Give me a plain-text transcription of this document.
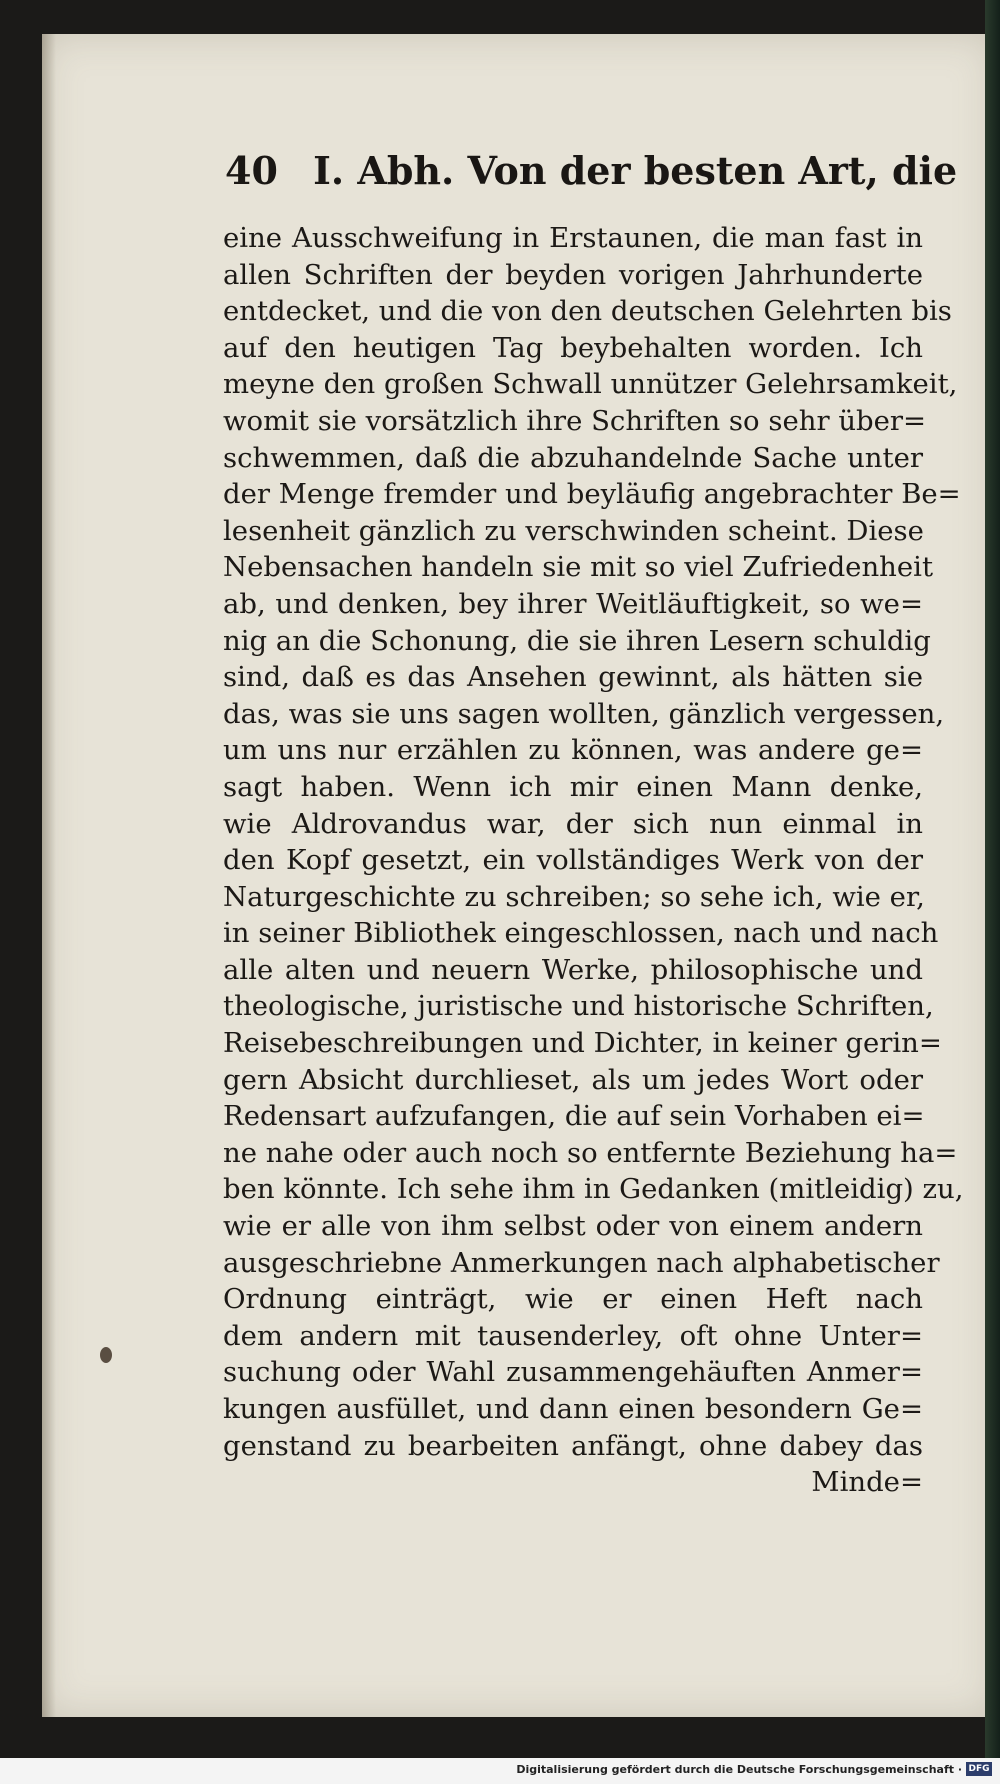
40 I. Abh. Von der besten Art, die
eine Ausschweifung in Erstaunen, die man fast in
allen Schriften der beyden vorigen Jahrhunderte
entdecket, und die von den deutschen Gelehrten bis
auf den heutigen Tag beybehalten worden. Ich
meyne den großen Schwall unnützer Gelehrsamkeit,
womit sie vorsätzlich ihre Schriften so sehr über=
schwemmen, daß die abzuhandelnde Sache unter
der Menge fremder und beyläufig angebrachter Be=
lesenheit gänzlich zu verschwinden scheint. Diese
Nebensachen handeln sie mit so viel Zufriedenheit
ab, und denken, bey ihrer Weitläuftigkeit, so we=
nig an die Schonung, die sie ihren Lesern schuldig
sind, daß es das Ansehen gewinnt, als hätten sie
das, was sie uns sagen wollten, gänzlich vergessen,
um uns nur erzählen zu können, was andere ge=
sagt haben. Wenn ich mir einen Mann denke,
wie Aldrovandus war, der sich nun einmal in
den Kopf gesetzt, ein vollständiges Werk von der
Naturgeschichte zu schreiben; so sehe ich, wie er,
in seiner Bibliothek eingeschlossen, nach und nach
alle alten und neuern Werke, philosophische und
theologische, juristische und historische Schriften,
Reisebeschreibungen und Dichter, in keiner gerin=
gern Absicht durchlieset, als um jedes Wort oder
Redensart aufzufangen, die auf sein Vorhaben ei=
ne nahe oder auch noch so entfernte Beziehung ha=
ben könnte. Ich sehe ihm in Gedanken (mitleidig) zu,
wie er alle von ihm selbst oder von einem andern
ausgeschriebne Anmerkungen nach alphabetischer
Ordnung einträgt, wie er einen Heft nach
dem andern mit tausenderley, oft ohne Unter=
suchung oder Wahl zusammengehäuften Anmer=
kungen ausfüllet, und dann einen besondern Ge=
genstand zu bearbeiten anfängt, ohne dabey das
Minde=
Digitalisierung gefördert durch die Deutsche Forschungsgemeinschaft · DFG
